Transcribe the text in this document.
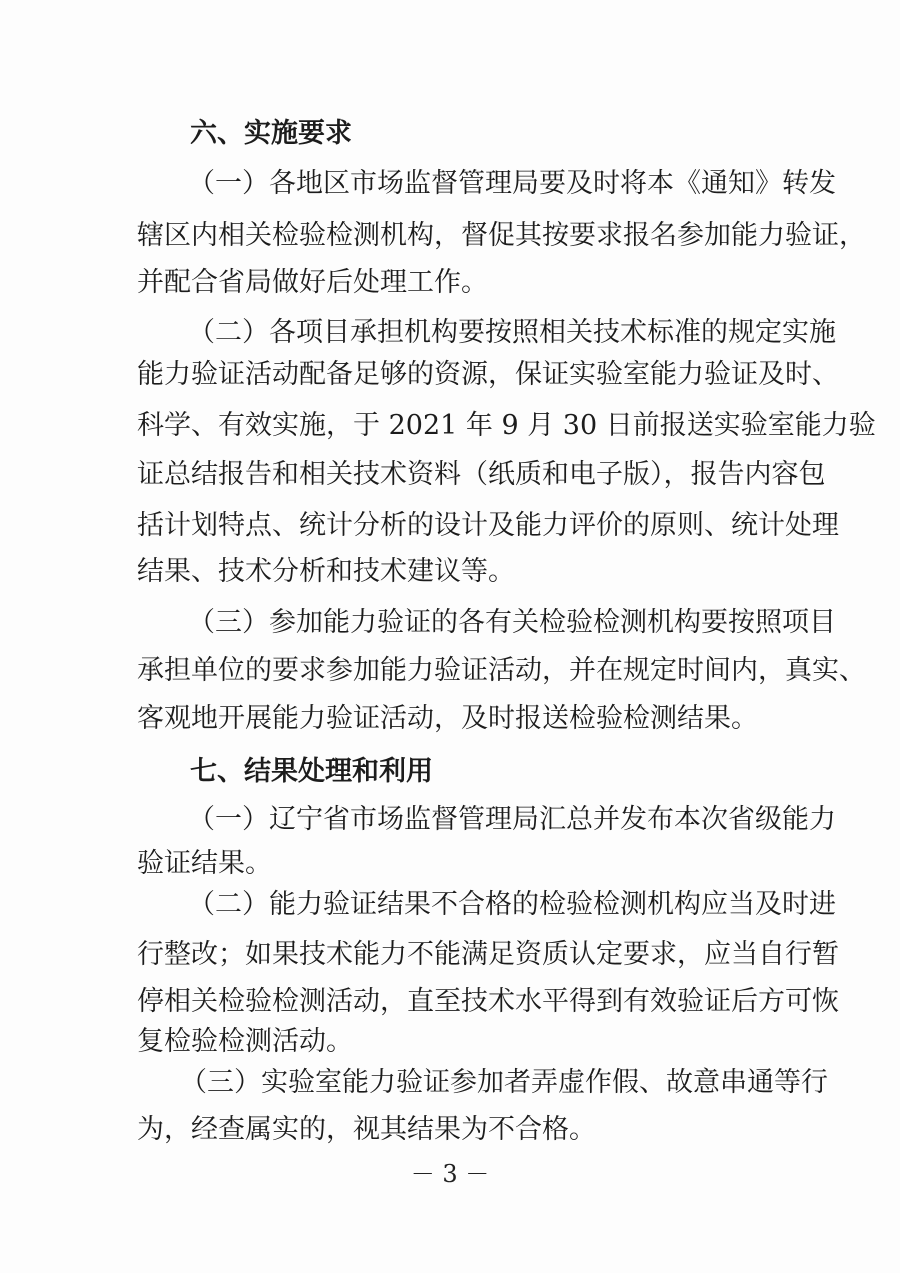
六、实施要求
（一）各地区市场监督管理局要及时将本《通知》转发
辖区内相关检验检测机构，督促其按要求报名参加能力验证，
并配合省局做好后处理工作。
（二）各项目承担机构要按照相关技术标准的规定实施
能力验证活动配备足够的资源，保证实验室能力验证及时、
科学、有效实施，于 2021 年 9 月 30 日前报送实验室能力验
证总结报告和相关技术资料（纸质和电子版），报告内容包
括计划特点、统计分析的设计及能力评价的原则、统计处理
结果、技术分析和技术建议等。
（三）参加能力验证的各有关检验检测机构要按照项目
承担单位的要求参加能力验证活动，并在规定时间内，真实、
客观地开展能力验证活动，及时报送检验检测结果。
七、结果处理和利用
（一）辽宁省市场监督管理局汇总并发布本次省级能力
验证结果。
（二）能力验证结果不合格的检验检测机构应当及时进
行整改；如果技术能力不能满足资质认定要求，应当自行暂
停相关检验检测活动，直至技术水平得到有效验证后方可恢
复检验检测活动。
（三）实验室能力验证参加者弄虚作假、故意串通等行
为，经查属实的，视其结果为不合格。
－ 3 －
